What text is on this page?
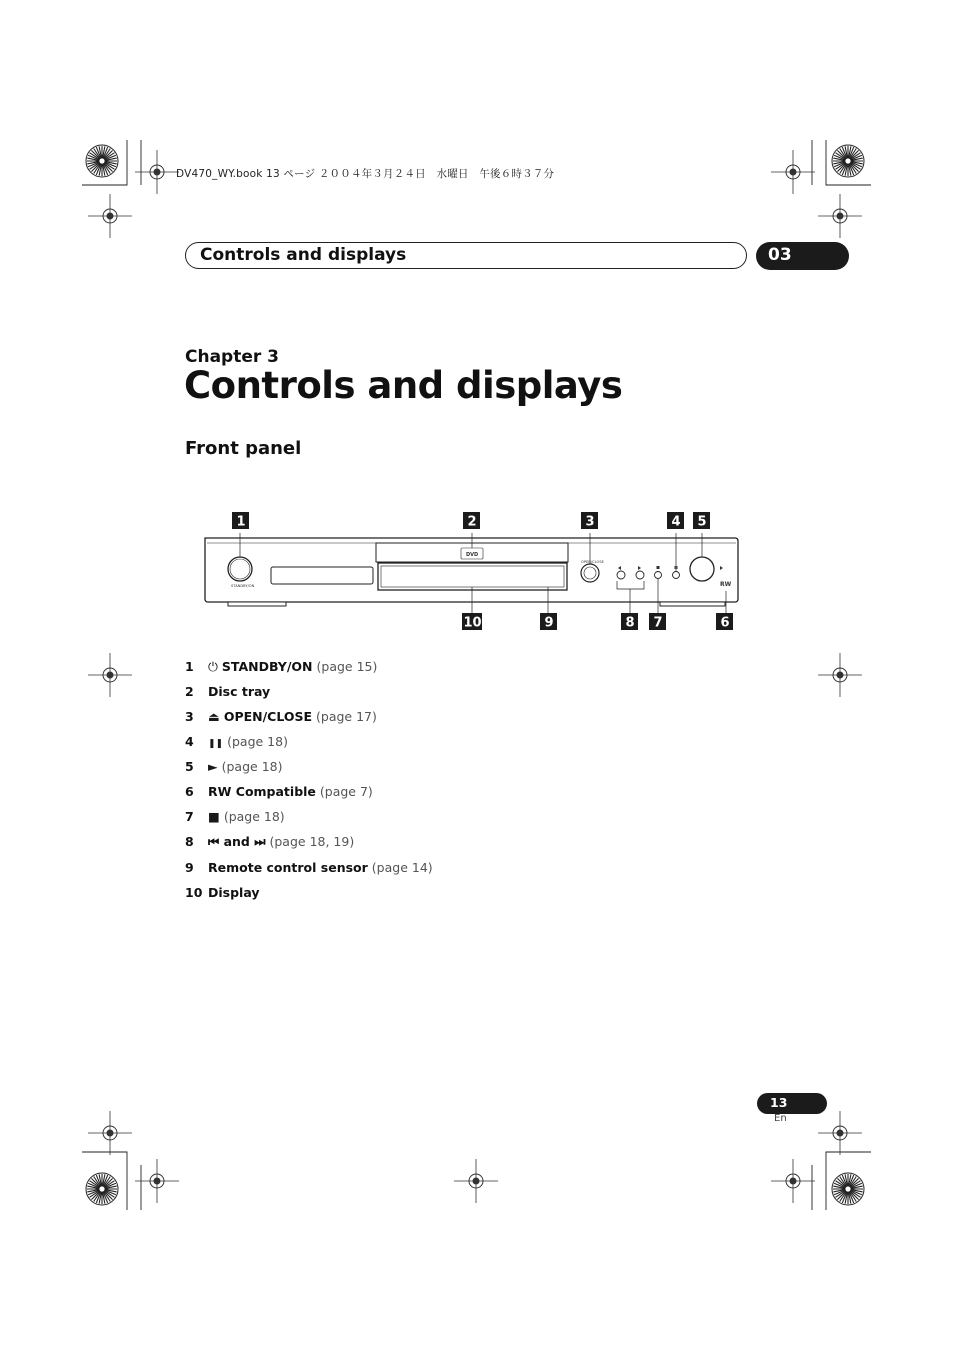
DV470_WY.book 13 ページ ２００４年３月２４日　水曜日　午後６時３７分
Controls and displays	03
Chapter 3
Controls and displays
Front panel
DVD
STANDBY/ON
OPEN/CLOSE
RW
1	2	3	4 5
6
7
8
9
10
1 ⏻ STANDBY/ON (page 15)
2 Disc tray
3 ⏏ OPEN/CLOSE (page 17)
4 ❚❚ (page 18)
5 ► (page 18)
6 RW Compatible (page 7)
7 ■ (page 18)
8 ⏮ and ⏭ (page 18, 19)
9 Remote control sensor (page 14)
10 Display
13
En
